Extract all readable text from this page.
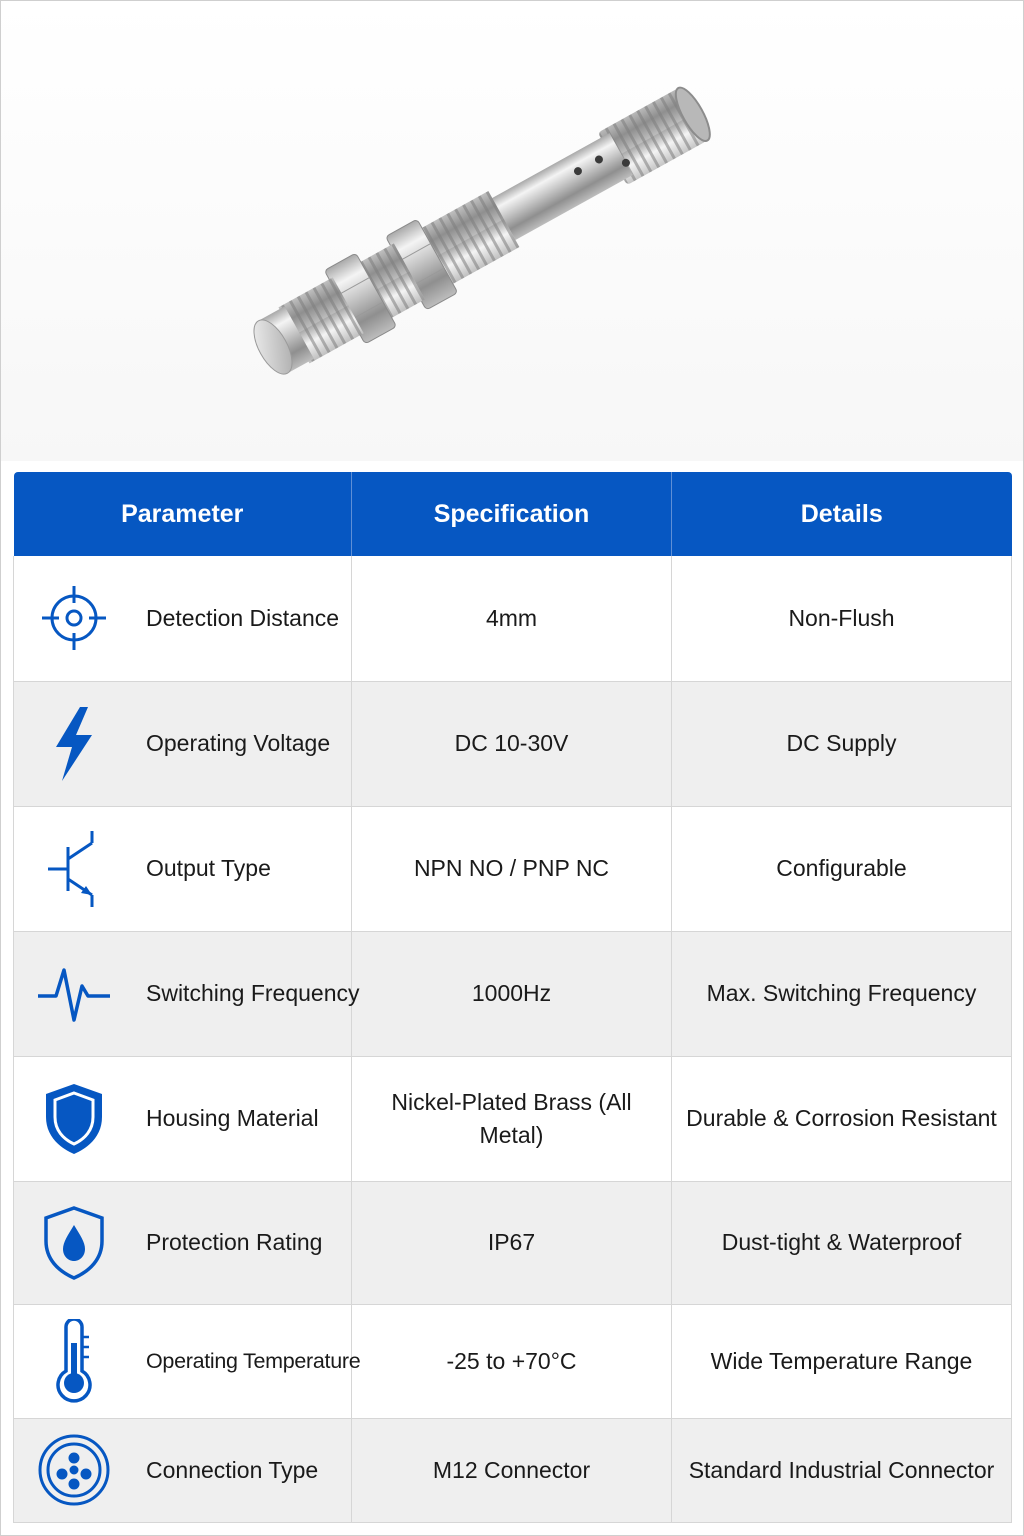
Parameter	Specification	Details

Detection Distance	4mm	Non-Flush

Operating Voltage	DC 10-30V	DC Supply

Output Type	NPN NO / PNP NC	Configurable

Switching Frequency	1000Hz	Max. Switching Frequency

Housing Material	Nickel-Plated Brass (All Metal)	Durable & Corrosion Resistant

Protection Rating	IP67	Dust-tight & Waterproof

Operating Temperature	-25 to +70°C	Wide Temperature Range

Connection Type	M12 Connector	Standard Industrial Connector
